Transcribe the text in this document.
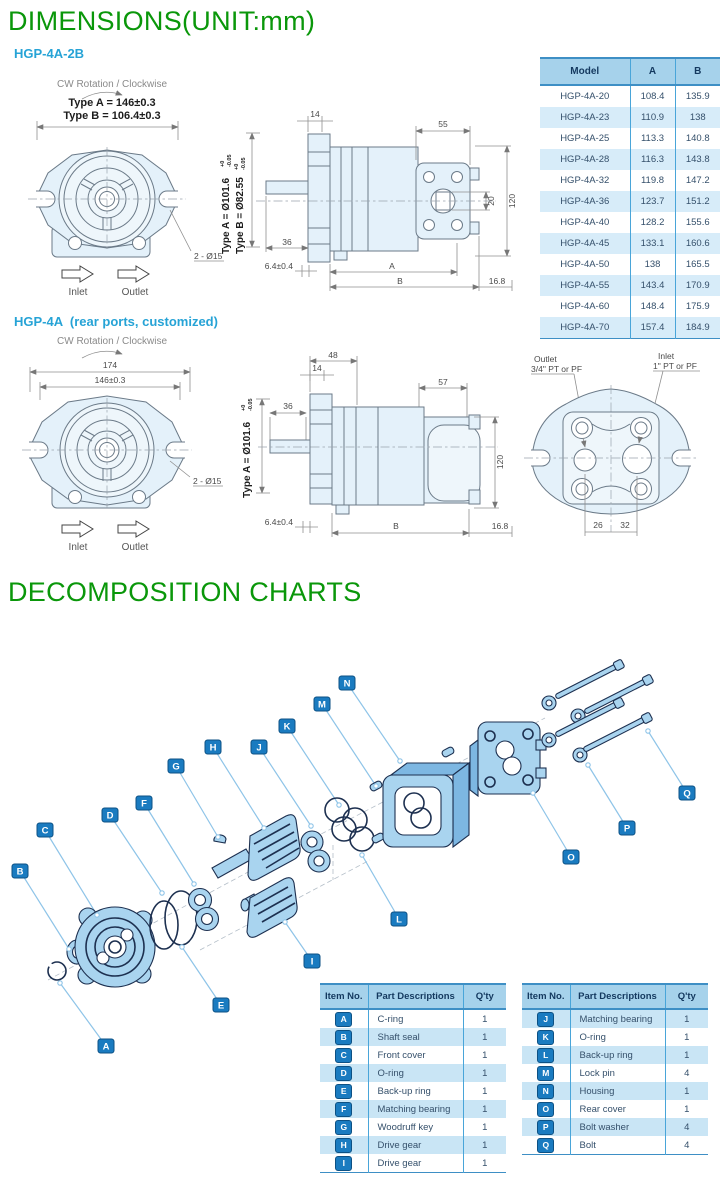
DIMENSIONS(UNIT:mm)
HGP-4A-2B
HGP-4A  (rear ports, customized)
DECOMPOSITION CHARTS
CW Rotation / Clockwise
Type A = 146±0.3
Type B = 106.4±0.3
2 - Ø15
Inlet	Outlet
Type A = Ø101.6
+0 -0.05
Type B = Ø82.55
+0 -0.05
14
55
20 120
36
6.4±0.4	A
B	16.8
CW Rotation / Clockwise
174
146±0.3
2 - Ø15
Inlet	Outlet
48
14
57
Type A = Ø101.6
+0 -0.05	36
6.4±0.4	B	16.8
120
Outlet
3/4" PT or PF
Inlet
1" PT or PF
26 32
Model	A	B
HGP-4A-20	108.4	135.9
HGP-4A-23	110.9	138
HGP-4A-25	113.3	140.8
HGP-4A-28	116.3	143.8
HGP-4A-32	119.8	147.2
HGP-4A-36	123.7	151.2
HGP-4A-40	128.2	155.6
HGP-4A-45	133.1	160.6
HGP-4A-50	138	165.5
HGP-4A-55	143.4	170.9
HGP-4A-60	148.4	175.9
HGP-4A-70	157.4	184.9
A
B
C
D
E
F
G
H
I
J
K
L
M
N
O
P
Q
Item No.	Part Descriptions	Q'ty
A	C-ring	1
B	Shaft seal	1
C	Front cover	1
D	O-ring	1
E	Back-up ring	1
F	Matching bearing	1
G	Woodruff key	1
H	Drive gear	1
I	Drive gear	1
Item No.	Part Descriptions	Q'ty
J	Matching bearing	1
K	O-ring	1
L	Back-up ring	1
M	Lock pin	4
N	Housing	1
O	Rear cover	1
P	Bolt washer	4
Q	Bolt	4
